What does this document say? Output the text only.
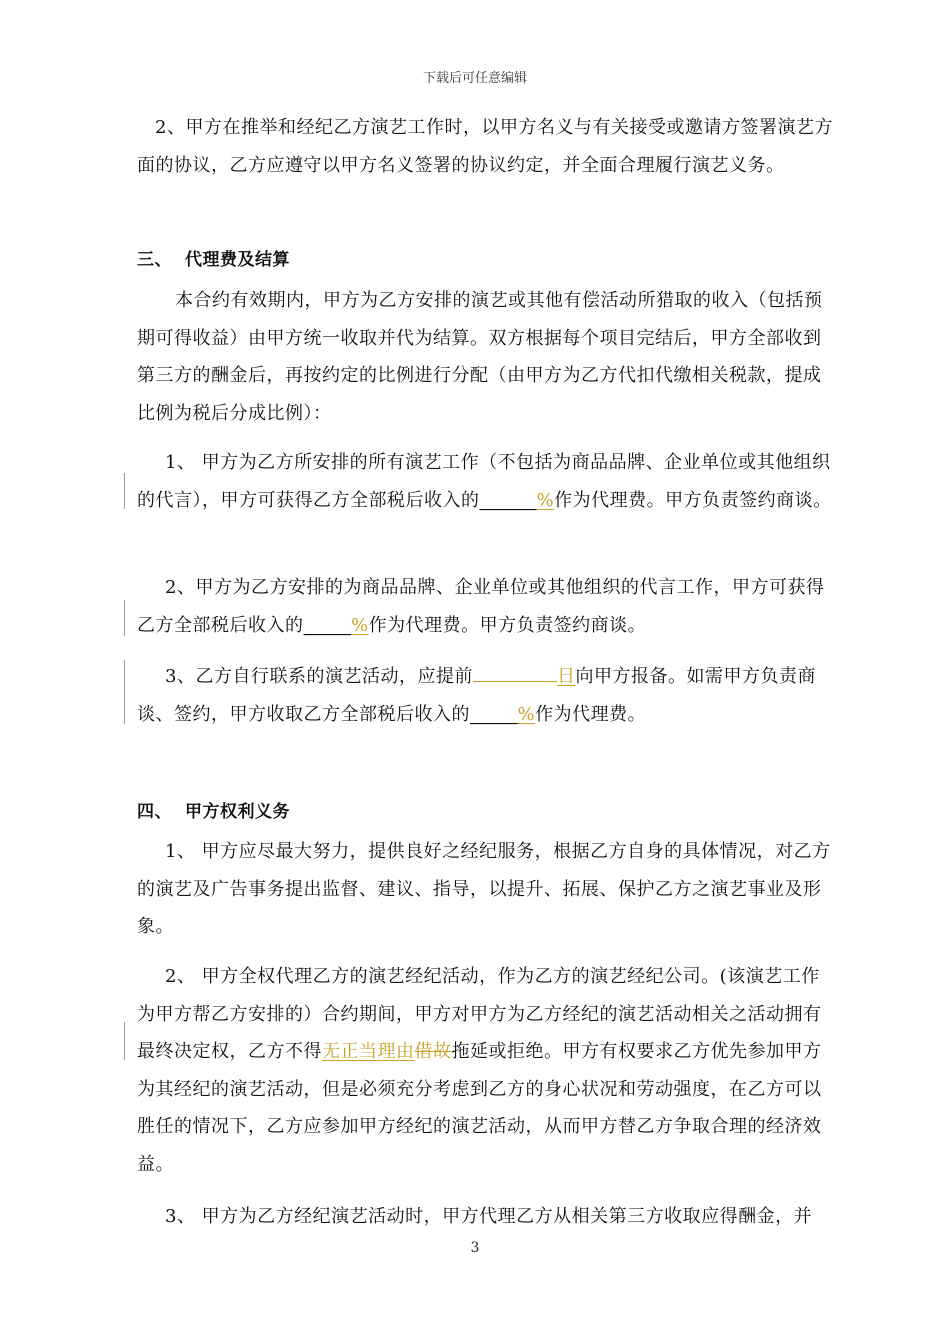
下载后可任意编辑

2、甲方在推举和经纪乙方演艺工作时，以甲方名义与有关接受或邀请方签署演艺方面的协议，乙方应遵守以甲方名义签署的协议约定，并全面合理履行演艺义务。

三、 代理费及结算

本合约有效期内，甲方为乙方安排的演艺或其他有偿活动所猎取的收入（包括预期可得收益）由甲方统一收取并代为结算。双方根据每个项目完结后，甲方全部收到第三方的酬金后，再按约定的比例进行分配（由甲方为乙方代扣代缴相关税款，提成比例为税后分成比例）：

1、 甲方为乙方所安排的所有演艺工作（不包括为商品品牌、企业单位或其他组织的代言），甲方可获得乙方全部税后收入的______%作为代理费。甲方负责签约商谈。

2、甲方为乙方安排的为商品品牌、企业单位或其他组织的代言工作，甲方可获得乙方全部税后收入的_____%作为代理费。甲方负责签约商谈。

3、乙方自行联系的演艺活动，应提前	日向甲方报备。如需甲方负责商谈、签约，甲方收取乙方全部税后收入的_____%作为代理费。

四、 甲方权利义务

1、 甲方应尽最大努力，提供良好之经纪服务，根据乙方自身的具体情况，对乙方的演艺及广告事务提出监督、建议、指导，以提升、拓展、保护乙方之演艺事业及形象。

2、 甲方全权代理乙方的演艺经纪活动，作为乙方的演艺经纪公司。(该演艺工作为甲方帮乙方安排的）合约期间，甲方对甲方为乙方经纪的演艺活动相关之活动拥有最终决定权，乙方不得无正当理由借故拖延或拒绝。甲方有权要求乙方优先参加甲方为其经纪的演艺活动，但是必须充分考虑到乙方的身心状况和劳动强度，在乙方可以胜任的情况下，乙方应参加甲方经纪的演艺活动，从而甲方替乙方争取合理的经济效益。

3、 甲方为乙方经纪演艺活动时，甲方代理乙方从相关第三方收取应得酬金，并

3
